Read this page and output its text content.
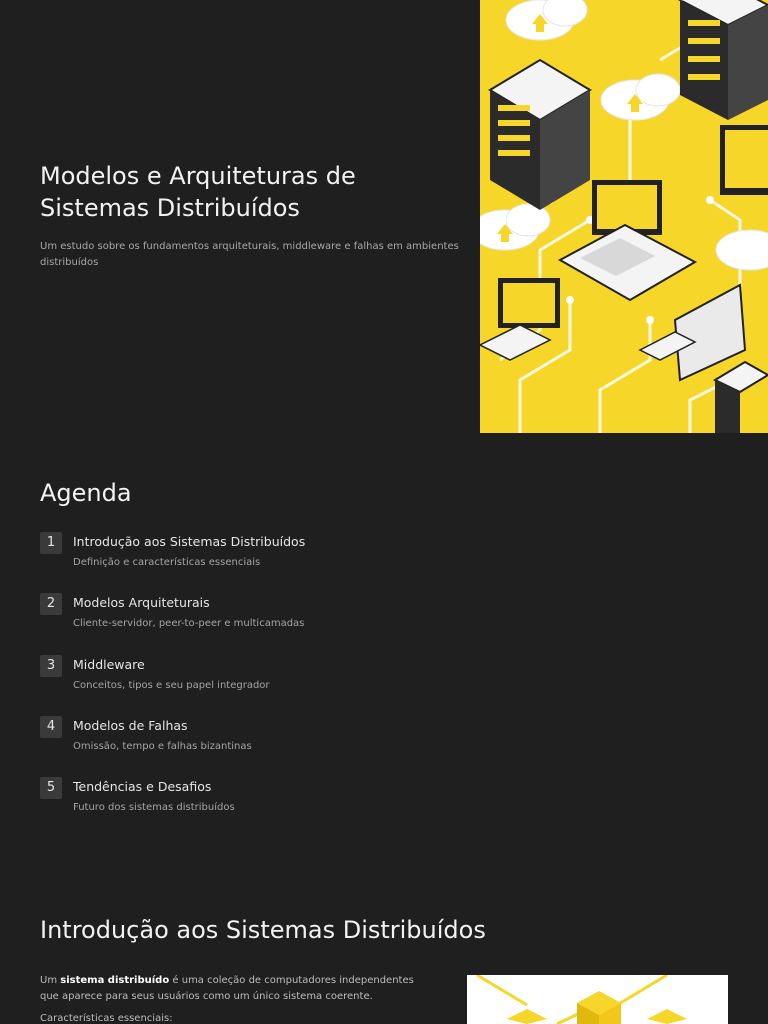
Modelos e Arquiteturas de Sistemas Distribuídos

Um estudo sobre os fundamentos arquiteturais, middleware e falhas em ambientes distribuídos

Agenda
1	Introdução aos Sistemas Distribuídos
Definição e características essenciais
2	Modelos Arquiteturais
Cliente-servidor, peer-to-peer e multicamadas
3	Middleware
Conceitos, tipos e seu papel integrador
4	Modelos de Falhas
Omissão, tempo e falhas bizantinas
5	Tendências e Desafios
Futuro dos sistemas distribuídos
Introdução aos Sistemas Distribuídos

Um sistema distribuído é uma coleção de computadores independentes que aparece para seus usuários como um único sistema coerente.

Características essenciais:
